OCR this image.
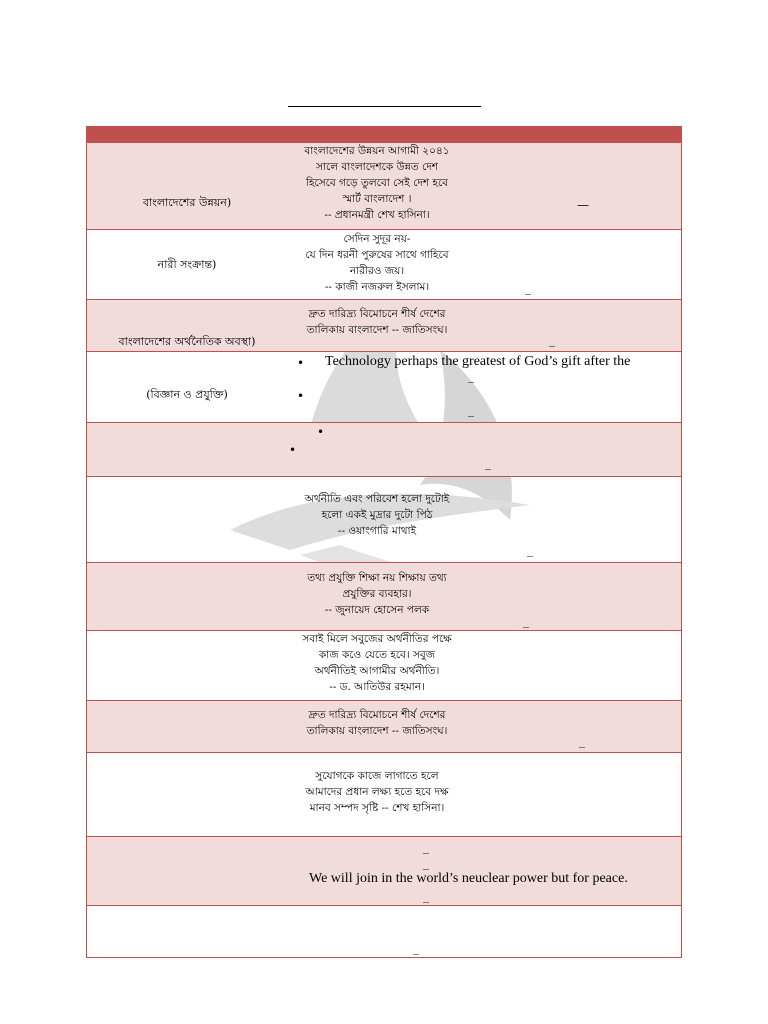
বাংলাদেশের উন্নয়ন)
বাংলাদেশের উন্নয়ন আগামী ২০৪১
সালে বাংলাদেশকে উন্নত দেশ
হিসেবে গড়ে তুলবো সেই দেশ হবে
স্মার্ট বাংলাদেশ ।
-- প্রধানমন্ত্রী শেখ হাসিনা।
—
নারী সংক্রান্ত)
সেদিন সুদূর নয়-
যে দিন ধরনী পুরুষের সাথে গাহিবে
নারীরও জয়।
-- কাজী নজরুল ইসলাম।	_
বাংলাদেশের অর্থনৈতিক অবস্থা)
দ্রুত দারিদ্র্য বিমোচনে শীর্ষ দেশের
তালিকায় বাংলাদেশ -- জাতিসংঘ।
_
(বিজ্ঞান ও প্রযুক্তি)
• Technology perhaps the greatest of God’s gift after the
_
•
_
•
•
_
অর্থনীতি এবং পরিবেশ হলো দুটোই
হলো একই মুদ্রার দুটো পিঠ
-- ওয়াংগারি মাথাই
_
তথ্য প্রযুক্তি শিক্ষা নয় শিক্ষায় তথ্য
প্রযুক্তির ব্যবহার।
-- জুনায়েদ হোসেন পলক
_
সবাই মিলে সবুজের অর্থনীতির পক্ষে
কাজ কওে যেতে হবে। সবুজ
অর্থনীতিই আগামীর অর্থনীতি।
-- ড. আতিউর রহমান।
দ্রুত দারিদ্র্য বিমোচনে শীর্ষ দেশের
তালিকায় বাংলাদেশ -- জাতিসংঘ।
_
সুযোগকে কাজে লাগাতে হলে
আমাদের প্রধান লক্ষ্য হতে হবে দক্ষ
মানব সম্পদ সৃষ্টি -- শেখ হাসিনা।
_
_
We will join in the world’s neuclear power but for peace.
_
_
